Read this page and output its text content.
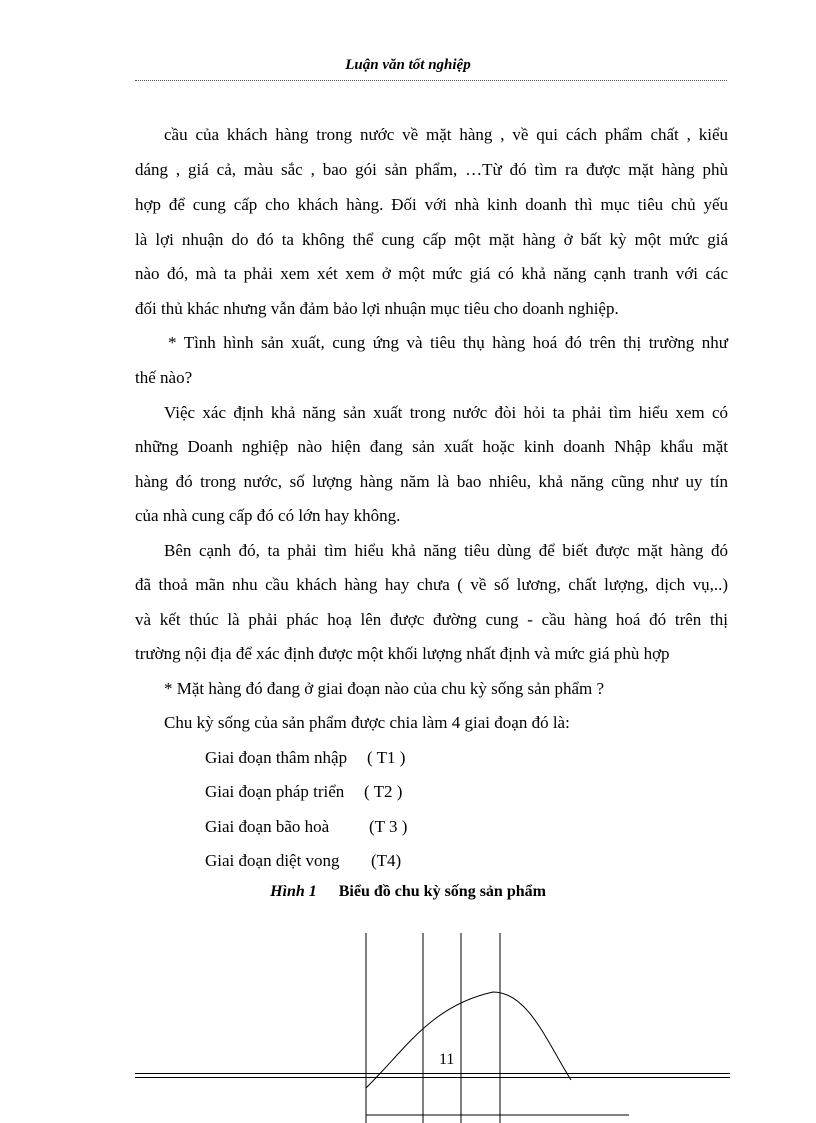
Luận văn tốt nghiệp
cầu của khách hàng trong nước về mặt hàng , về qui cách phẩm chất , kiểu
dáng , giá cả, màu sắc , bao gói sản phẩm, …Từ đó tìm ra được mặt hàng phù
hợp để cung cấp cho khách hàng. Đối với nhà kinh doanh thì mục tiêu chủ yếu
là lợi nhuận do đó ta không thể cung cấp một mặt hàng ở bất kỳ một mức giá
nào đó, mà ta phải xem xét xem ở một mức giá có khả năng cạnh tranh với các
đối thủ khác nhưng vẫn đảm bảo lợi nhuận mục tiêu cho doanh nghiệp.
* Tình hình sản xuất, cung ứng và tiêu thụ hàng hoá đó trên thị trường như
thế nào?
Việc xác định khả năng sản xuất trong nước đòi hỏi ta phải tìm hiểu xem có
những Doanh nghiệp nào hiện đang sản xuất hoặc kinh doanh Nhập khẩu mặt
hàng đó trong nước, số lượng hàng năm là bao nhiêu, khả năng cũng như uy tín
của nhà cung cấp đó có lớn hay không.
Bên cạnh đó, ta phải tìm hiểu khả năng tiêu dùng để biết được mặt hàng đó
đã thoả mãn nhu cầu khách hàng hay chưa ( về số lương, chất lượng, dịch vụ,..)
và kết thúc là phải phác hoạ lên được đường cung - cầu hàng hoá đó trên thị
trường nội địa để xác định được một khối lượng nhất định và mức giá phù hợp
* Mặt hàng đó đang ở giai đoạn nào của chu kỳ sống sản phẩm ?
Chu kỳ sống của sản phẩm được chia làm 4 giai đoạn đó là:
Giai đoạn thâm nhập ( T1 )
Giai đoạn pháp triển ( T2 )
Giai đoạn bão hoà (T 3 )
Giai đoạn diệt vong (T4)
Hình 1 Biểu đồ chu kỳ sống sản phẩm
11
